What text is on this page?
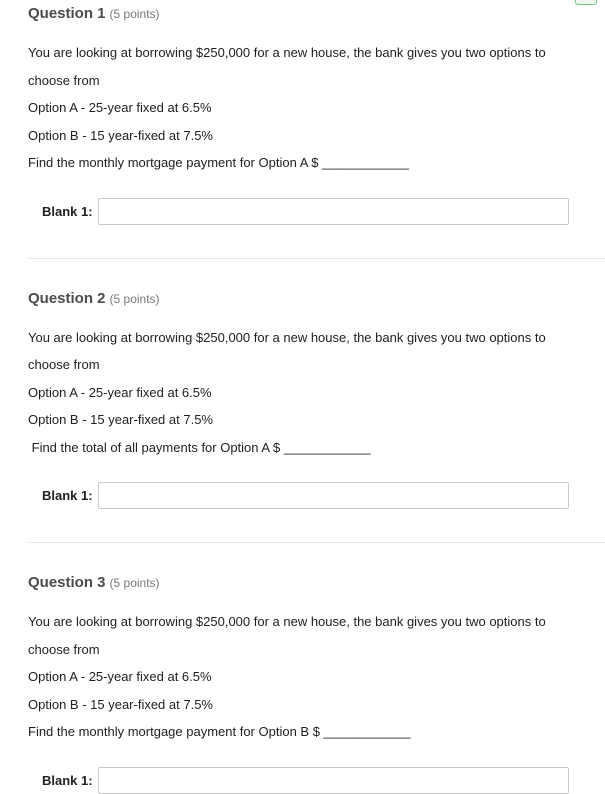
Question 1 (5 points)

You are looking at borrowing $250,000 for a new house, the bank gives you two options to choose from

Option A - 25-year fixed at 6.5%

Option B - 15 year-fixed at 7.5%

Find the monthly mortgage payment for Option A $ ____________

Blank 1:
Question 2 (5 points)

You are looking at borrowing $250,000 for a new house, the bank gives you two options to choose from

Option A - 25-year fixed at 6.5%

Option B - 15 year-fixed at 7.5%

Find the total of all payments for Option A $ ____________

Blank 1:
Question 3 (5 points)

You are looking at borrowing $250,000 for a new house, the bank gives you two options to choose from

Option A - 25-year fixed at 6.5%

Option B - 15 year-fixed at 7.5%

Find the monthly mortgage payment for Option B $ ____________

Blank 1:
